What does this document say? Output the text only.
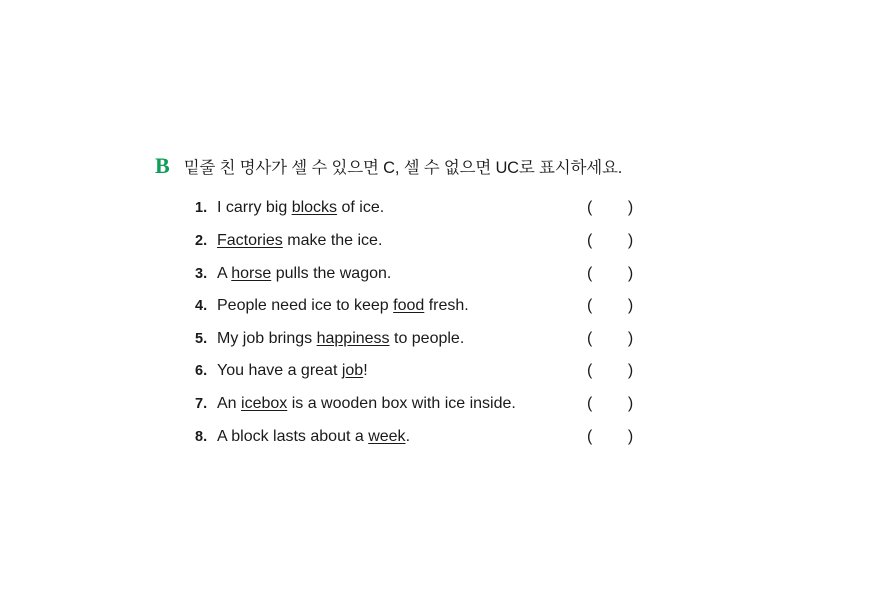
B 밑줄 친 명사가 셀 수 있으면 C, 셀 수 없으면 UC로 표시하세요.
1. I carry big blocks of ice.	(        )
2. Factories make the ice.	(        )
3. A horse pulls the wagon.	(        )
4. People need ice to keep food fresh.	(        )
5. My job brings happiness to people.	(        )
6. You have a great job!	(        )
7. An icebox is a wooden box with ice inside.	(        )
8. A block lasts about a week.	(        )
